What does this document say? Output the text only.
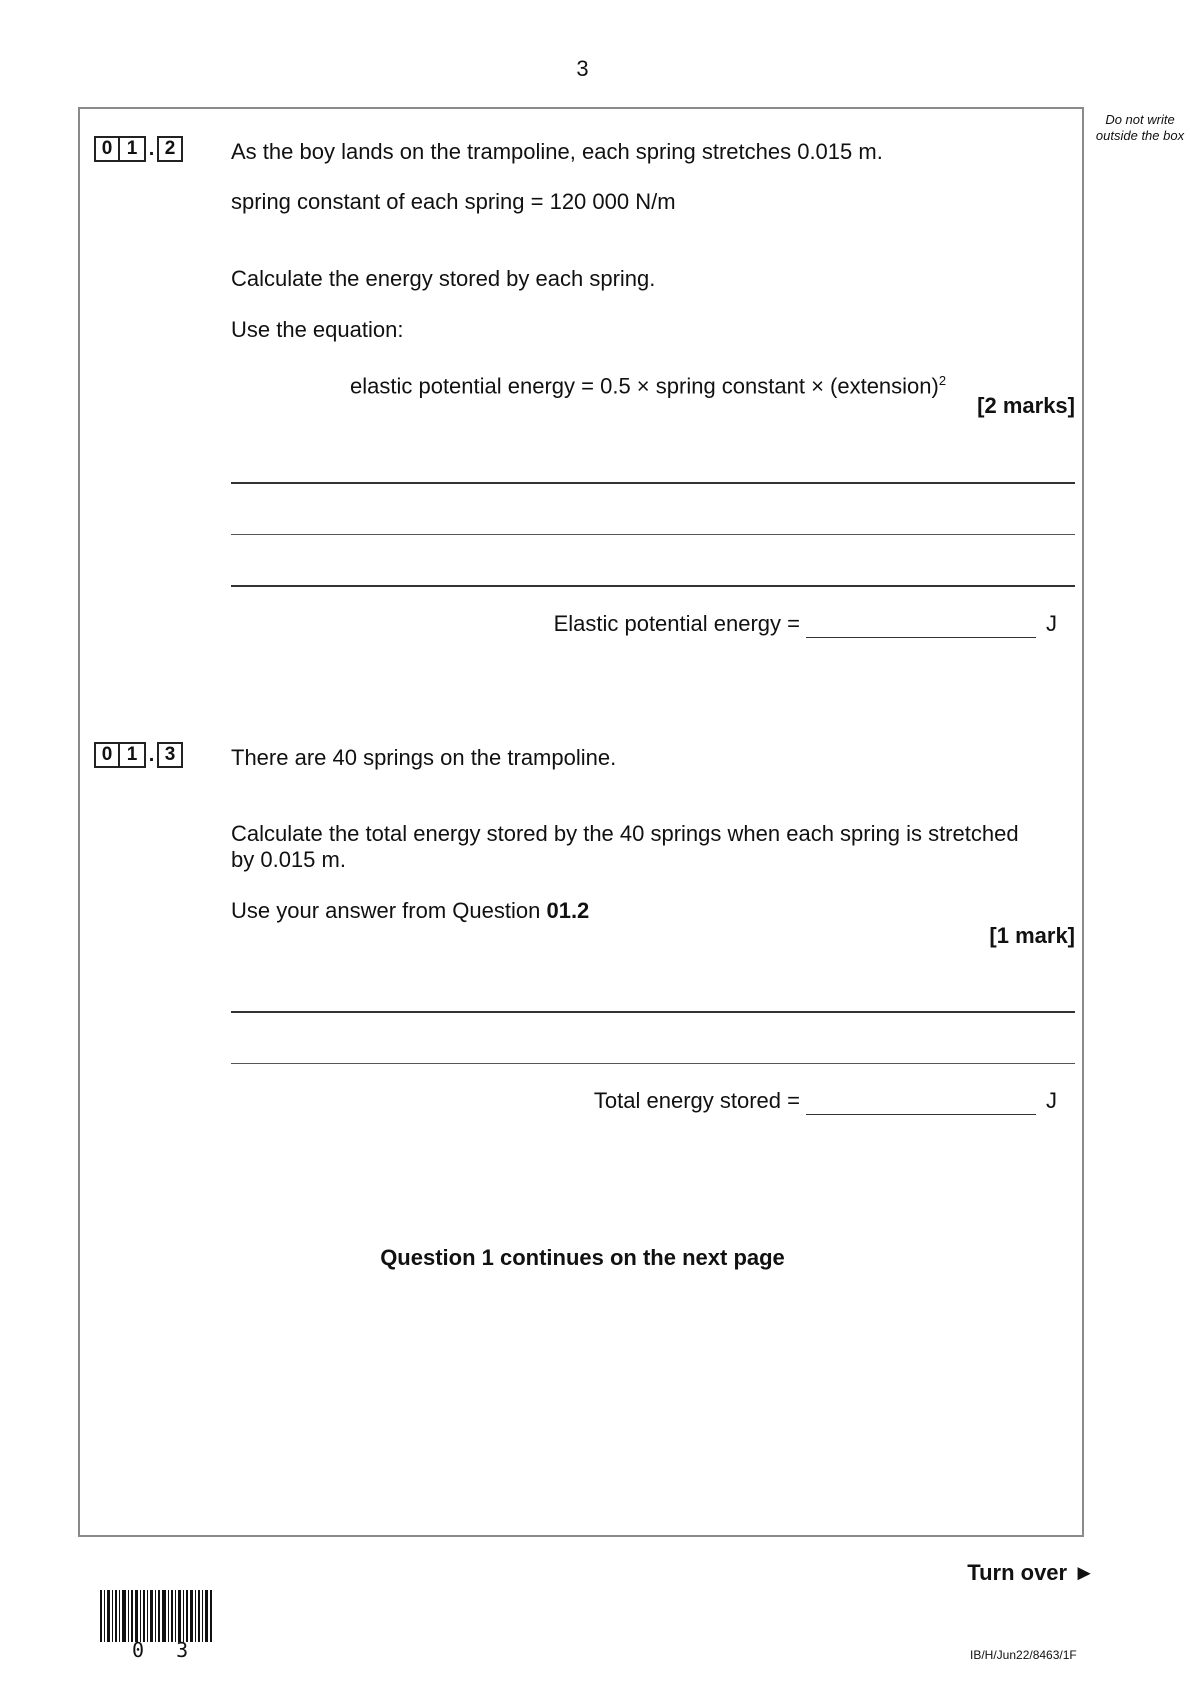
3
Do not write outside the box
0 1 . 2	As the boy lands on the trampoline, each spring stretches 0.015 m.
spring constant of each spring = 120 000 N/m
Calculate the energy stored by each spring.
Use the equation:
elastic potential energy = 0.5 × spring constant × (extension)$^2$
[2 marks]
Elastic potential energy =	J
0 1 . 3	There are 40 springs on the trampoline.
Calculate the total energy stored by the 40 springs when each spring is stretched
by 0.015 m.
Use your answer from Question 01.2
[1 mark]
Total energy stored =	J
Question 1 continues on the next page
Turn over ►
0 3	IB/H/Jun22/8463/1F
